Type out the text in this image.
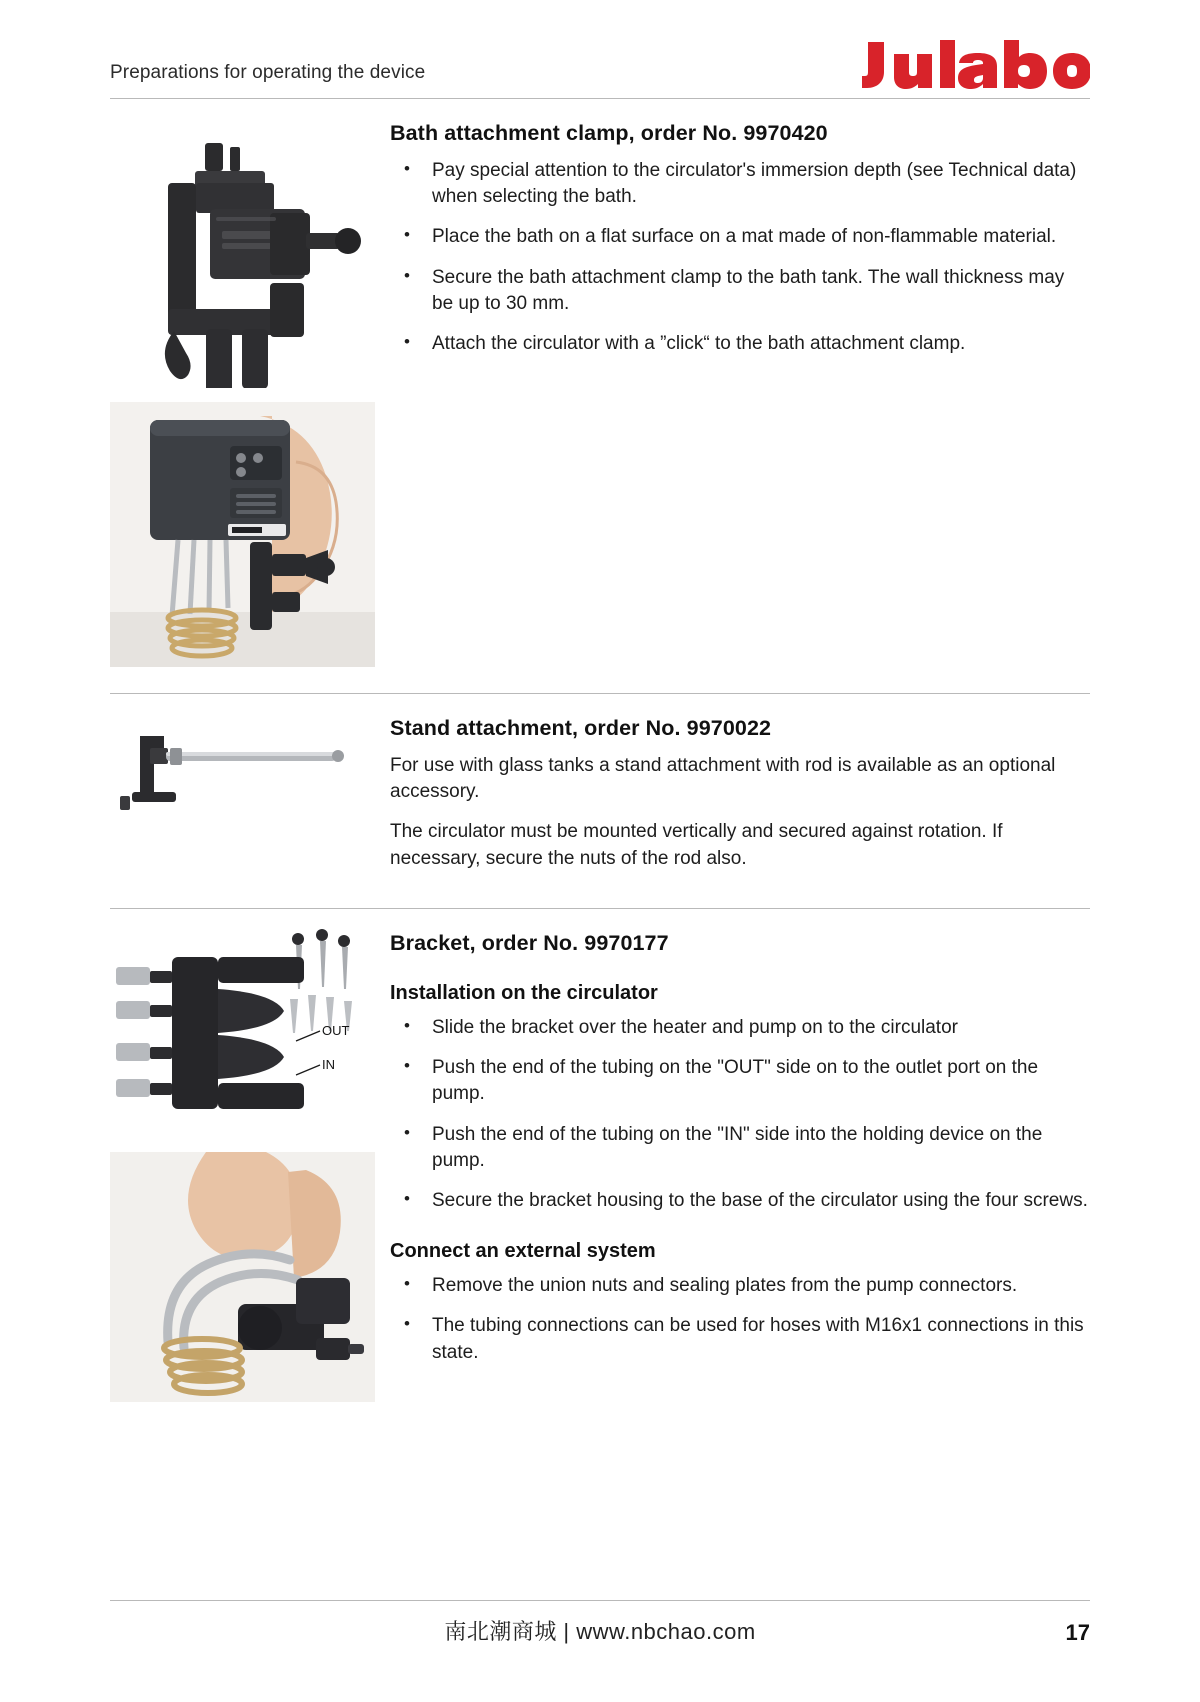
Preparations for operating the device
Bath attachment clamp, order No. 9970420
• Pay special attention to the circulator's immersion depth (see Technical data) when selecting the bath.
• Place the bath on a flat surface on a mat made of non-flammable material.
• Secure the bath attachment clamp to the bath tank. The wall thickness may be up to 30 mm.
• Attach the circulator with a ”click“ to the bath attachment clamp.
Stand attachment, order No. 9970022

For use with glass tanks a stand attachment with rod is available as an optional accessory.

The circulator must be mounted vertically and secured against rotation. If necessary, secure the nuts of the rod also.

OUT
IN
Bracket, order No. 9970177
Installation on the circulator
• Slide the bracket over the heater and pump on to the circulator
• Push the end of the tubing on the "OUT" side on to the outlet port on the pump.
• Push the end of the tubing on the "IN" side into the holding device on the pump.
• Secure the bracket housing to the base of the circulator using the four screws.
Connect an external system
• Remove the union nuts and sealing plates from the pump connectors.
• The tubing connections can be used for hoses with M16x1 connections in this state.
南北潮商城 | www.nbchao.com	17
